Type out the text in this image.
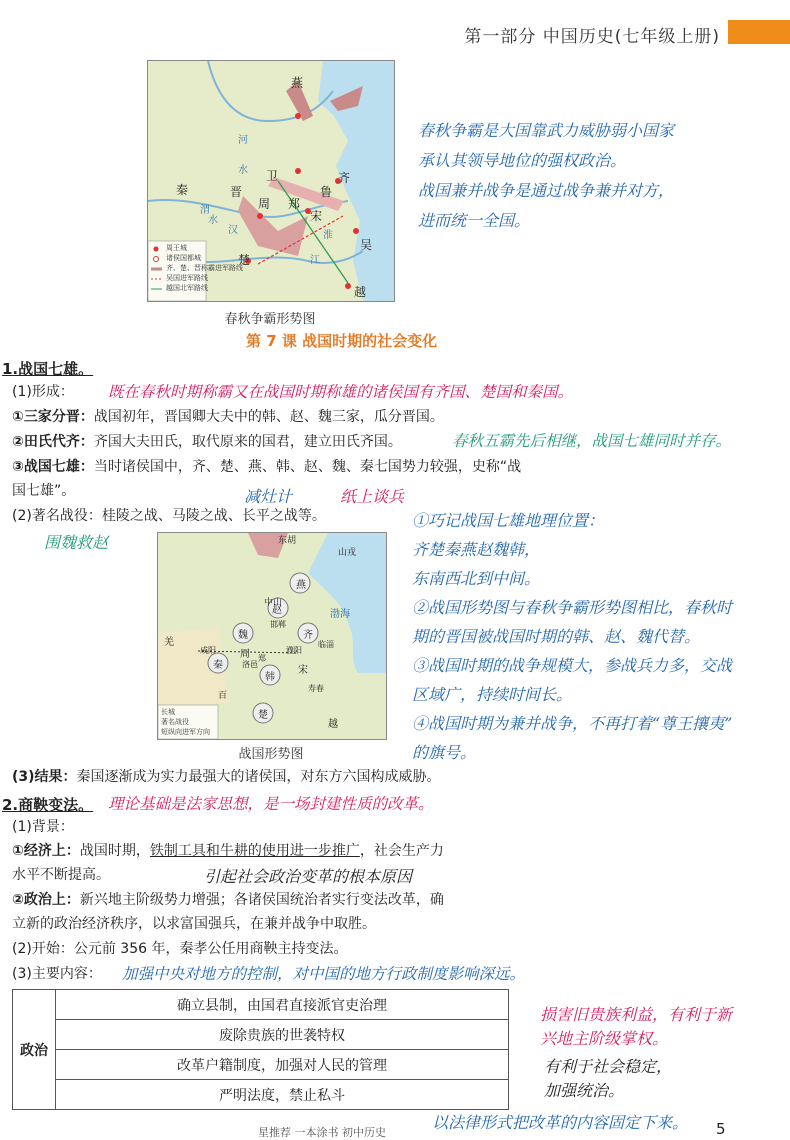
第一部分 中国历史(七年级上册)
燕
齐
卫
鲁
晋
秦
周
宋
郑
楚
吴
越
河
水
渭
汉
水
淮
江
周王城
诸侯国都城
齐、楚、晋称霸进军路线
吴国进军路线
越国北军路线
春秋争霸形势图
春秋争霸是大国靠武力威胁弱小国家
承认其领导地位的强权政治。
战国兼并战争是通过战争兼并对方，
进而统一全国。
第 7 课 战国时期的社会变化
1.战国七雄。
(1)形成： 既在春秋时期称霸又在战国时期称雄的诸侯国有齐国、楚国和秦国。
①三家分晋：战国初年，晋国卿大夫中的韩、赵、魏三家，瓜分晋国。
②田氏代齐：齐国大夫田氏，取代原来的国君，建立田氏齐国。	春秋五霸先后相继，战国七雄同时并存。
③战国七雄：当时诸侯国中，齐、楚、燕、韩、赵、魏、秦七国势力较强，史称“战
国七雄”。	减灶计	纸上谈兵
(2)著名战役：桂陵之战、马陵之战、长平之战等。
围魏救赵	东胡
燕
山戎
中山
赵
魏	齐
秦
周
韩
宋
楚
羌
渤海
临淄
邯郸
咸阳
洛邑
郑
濮阳
寿春
百
越
长城
著名战役
短纵向进军方向
战国形势图
①巧记战国七雄地理位置：
齐楚秦燕赵魏韩，
东南西北到中间。
②战国形势图与春秋争霸形势图相比，春秋时
期的晋国被战国时期的韩、赵、魏代替。
③战国时期的战争规模大，参战兵力多，交战
区域广，持续时间长。
④战国时期为兼并战争，不再打着“尊王攘夷”
的旗号。
(3)结果：秦国逐渐成为实力最强大的诸侯国，对东方六国构成威胁。
2.商鞅变法。 理论基础是法家思想，是一场封建性质的改革。
(1)背景：
①经济上：战国时期，铁制工具和牛耕的使用进一步推广，社会生产力
水平不断提高。	引起社会政治变革的根本原因
②政治上：新兴地主阶级势力增强；各诸侯国统治者实行变法改革，确
立新的政治经济秩序，以求富国强兵，在兼并战争中取胜。
(2)开始：公元前 356 年，秦孝公任用商鞅主持变法。
(3)主要内容： 加强中央对地方的控制，对中国的地方行政制度影响深远。
政治	确立县制，由国君直接派官吏治理
废除贵族的世袭特权
改革户籍制度，加强对人民的管理
严明法度，禁止私斗
损害旧贵族利益，有利于新
兴地主阶级掌权。
有利于社会稳定，
加强统治。
以法律形式把改革的内容固定下来。
星推荐 一本涂书 初中历史	5
